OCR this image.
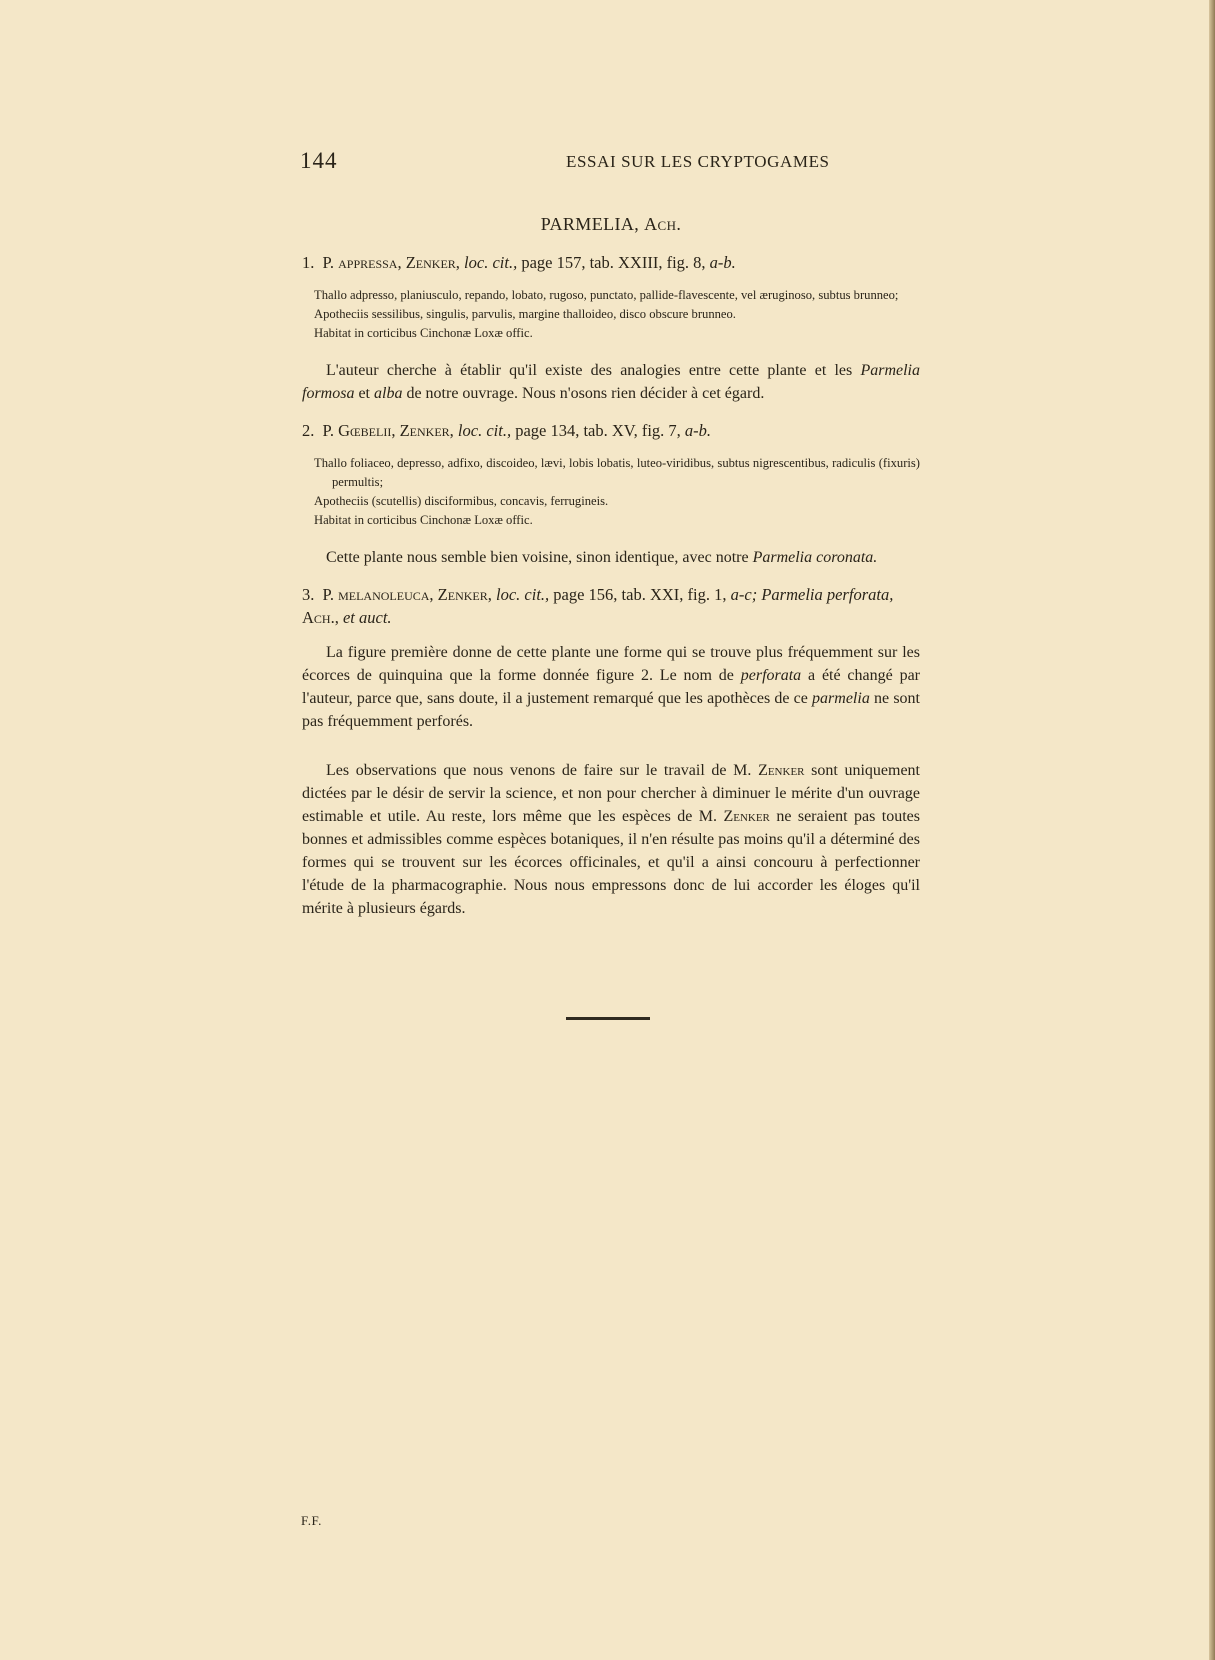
144	ESSAI SUR LES CRYPTOGAMES
PARMELIA, Ach.
1. P. appressa, Zenker, loc. cit., page 157, tab. XXIII, fig. 8, a-b.

Thallo adpresso, planiusculo, repando, lobato, rugoso, punctato, pallide-flavescente, vel æruginoso, subtus brunneo;

Apotheciis sessilibus, singulis, parvulis, margine thalloideo, disco obscure brunneo.

Habitat in corticibus Cinchonæ Loxæ offic.

L'auteur cherche à établir qu'il existe des analogies entre cette plante et les Parmelia formosa et alba de notre ouvrage. Nous n'osons rien décider à cet égard.

2. P. Gœbelii, Zenker, loc. cit., page 134, tab. XV, fig. 7, a-b.

Thallo foliaceo, depresso, adfixo, discoideo, lævi, lobis lobatis, luteo-viridibus, subtus nigrescentibus, radiculis (fixuris) permultis;

Apotheciis (scutellis) disciformibus, concavis, ferrugineis.

Habitat in corticibus Cinchonæ Loxæ offic.

Cette plante nous semble bien voisine, sinon identique, avec notre Parmelia coronata.

3. P. melanoleuca, Zenker, loc. cit., page 156, tab. XXI, fig. 1, a-c; Parmelia perforata, Ach., et auct.

La figure première donne de cette plante une forme qui se trouve plus fréquemment sur les écorces de quinquina que la forme donnée figure 2. Le nom de perforata a été changé par l'auteur, parce que, sans doute, il a justement remarqué que les apothèces de ce parmelia ne sont pas fréquemment perforés.

Les observations que nous venons de faire sur le travail de M. Zenker sont uniquement dictées par le désir de servir la science, et non pour chercher à diminuer le mérite d'un ouvrage estimable et utile. Au reste, lors même que les espèces de M. Zenker ne seraient pas toutes bonnes et admissibles comme espèces botaniques, il n'en résulte pas moins qu'il a déterminé des formes qui se trouvent sur les écorces officinales, et qu'il a ainsi concouru à perfectionner l'étude de la pharmacographie. Nous nous empressons donc de lui accorder les éloges qu'il mérite à plusieurs égards.

F.F.
